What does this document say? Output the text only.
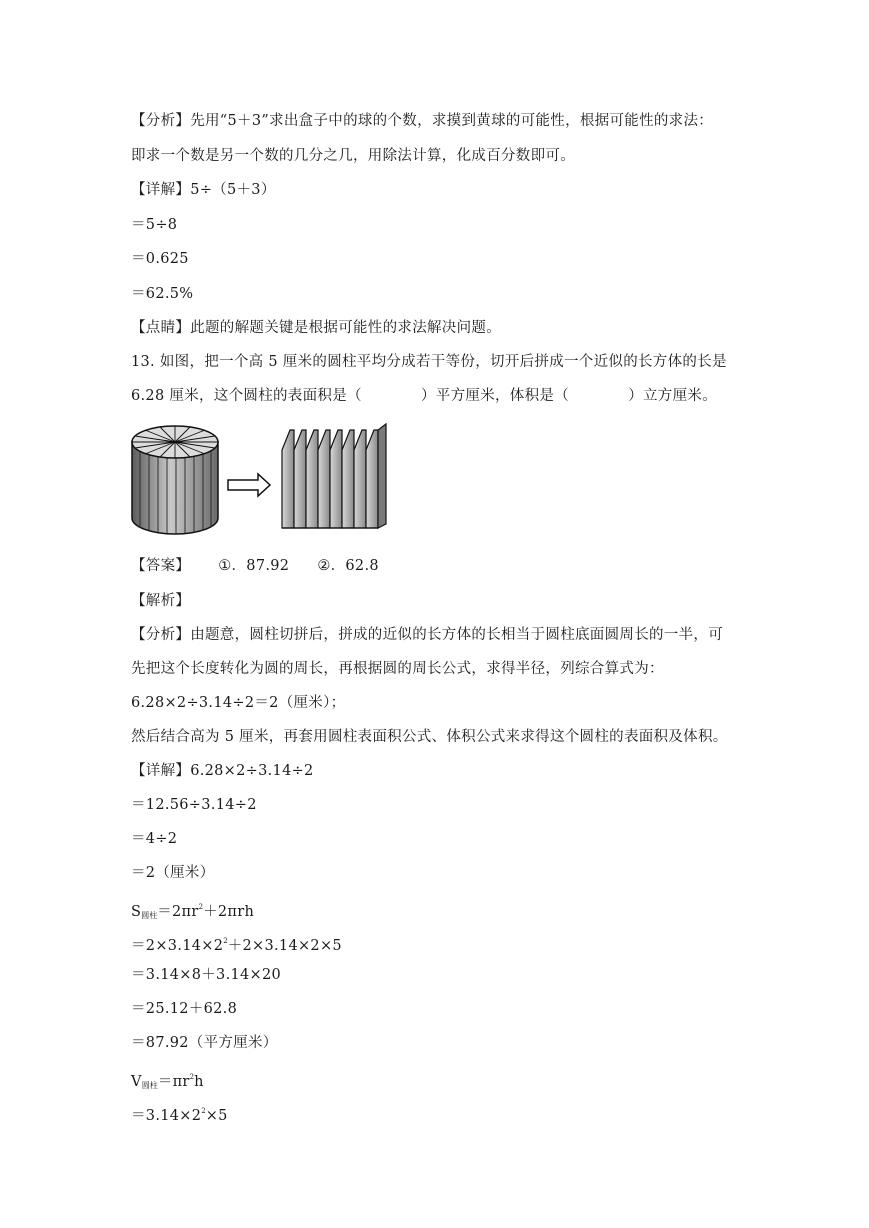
【分析】先用“5＋3”求出盒子中的球的个数，求摸到黄球的可能性，根据可能性的求法：
即求一个数是另一个数的几分之几，用除法计算，化成百分数即可。
【详解】5÷（5＋3）
＝5÷8
＝0.625
＝62.5%
【点睛】此题的解题关键是根据可能性的求法解决问题。
13. 如图，把一个高 5 厘米的圆柱平均分成若干等份，切开后拼成一个近似的长方体的长是
6.28 厘米，这个圆柱的表面积是（　　　　）平方厘米，体积是（　　　　）立方厘米。
【答案】 ①．87.92 ②．62.8
【解析】
【分析】由题意，圆柱切拼后，拼成的近似的长方体的长相当于圆柱底面圆周长的一半，可
先把这个长度转化为圆的周长，再根据圆的周长公式，求得半径，列综合算式为：
6.28×2÷3.14÷2＝2（厘米）；
然后结合高为 5 厘米，再套用圆柱表面积公式、体积公式来求得这个圆柱的表面积及体积。
【详解】6.28×2÷3.14÷2
＝12.56÷3.14÷2
＝4÷2
＝2（厘米）
$S_{圆柱}=2\pi r^2+2\pi rh$
$=2\times 3.14\times 2^2+2\times 3.14\times 2\times 5$
＝3.14×8＋3.14×20
＝25.12＋62.8
＝87.92（平方厘米）
$V_{圆柱}=\pi r^2h$
$=3.14\times 2^2\times 5$
